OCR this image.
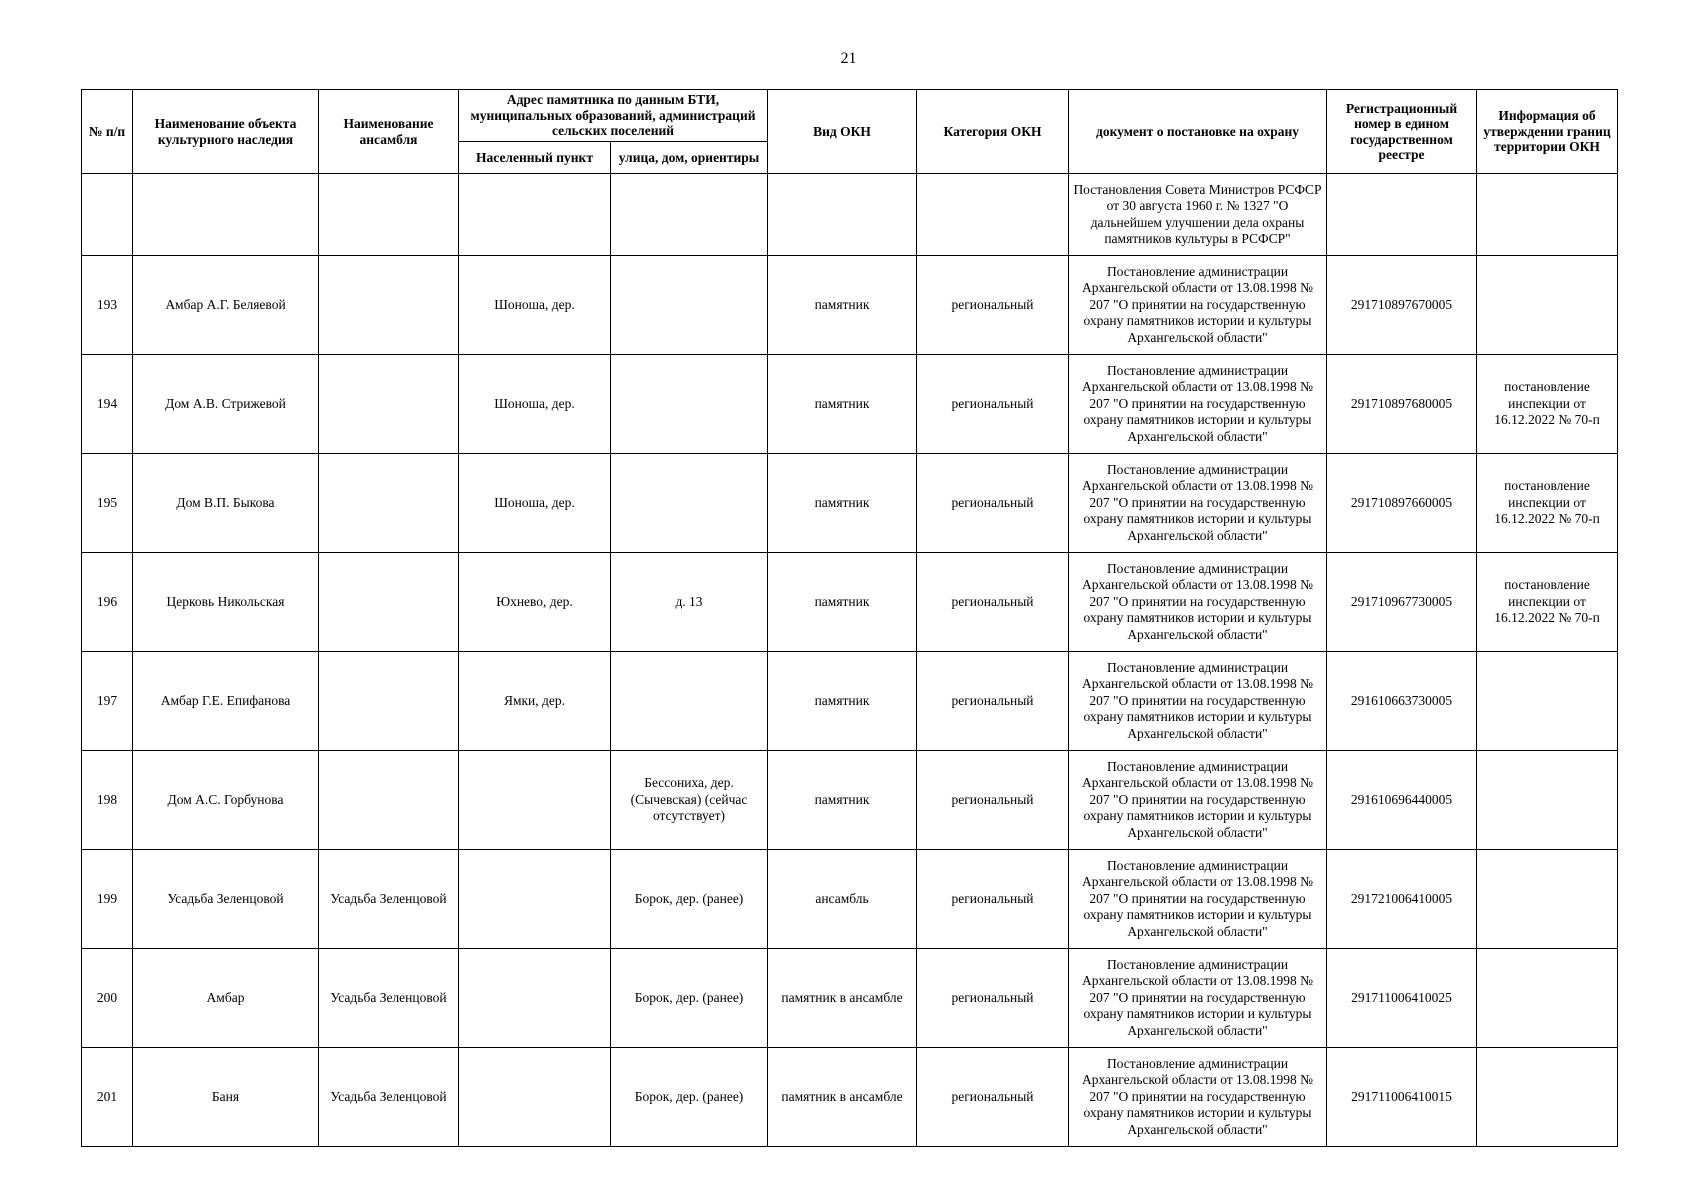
21
№ п/п	Наименование объекта культурного наследия	Наименование ансамбля	Адрес памятника по данным БТИ, муниципальных образований, администраций сельских поселений		Вид ОКН	Категория ОКН	документ о постановке на охрану	Регистрационный номер в едином государственном реестре	Информация об утверждении границ территории ОКН
			Населенный пункт	улица, дом, ориентиры					
							Постановления Совета Министров РСФСР от 30 августа 1960 г. № 1327 "О дальнейшем улучшении дела охраны памятников культуры в РСФСР"		
193	Амбар А.Г. Беляевой		Шоноша, дер.		памятник	региональный	Постановление администрации Архангельской области от 13.08.1998 № 207 "О принятии на государственную охрану памятников истории и культуры Архангельской области"	291710897670005	
194	Дом А.В. Стрижевой		Шоноша, дер.		памятник	региональный	Постановление администрации Архангельской области от 13.08.1998 № 207 "О принятии на государственную охрану памятников истории и культуры Архангельской области"	291710897680005	постановление инспекции от 16.12.2022 № 70-п
195	Дом В.П. Быкова		Шоноша, дер.		памятник	региональный	Постановление администрации Архангельской области от 13.08.1998 № 207 "О принятии на государственную охрану памятников истории и культуры Архангельской области"	291710897660005	постановление инспекции от 16.12.2022 № 70-п
196	Церковь Никольская		Юхнево, дер.	д. 13	памятник	региональный	Постановление администрации Архангельской области от 13.08.1998 № 207 "О принятии на государственную охрану памятников истории и культуры Архангельской области"	291710967730005	постановление инспекции от 16.12.2022 № 70-п
197	Амбар Г.Е. Епифанова		Ямки, дер.		памятник	региональный	Постановление администрации Архангельской области от 13.08.1998 № 207 "О принятии на государственную охрану памятников истории и культуры Архангельской области"	291610663730005	
198	Дом А.С. Горбунова			Бессониха, дер. (Сычевская) (сейчас отсутствует)	памятник	региональный	Постановление администрации Архангельской области от 13.08.1998 № 207 "О принятии на государственную охрану памятников истории и культуры Архангельской области"	291610696440005	
199	Усадьба Зеленцовой	Усадьба Зеленцовой		Борок, дер. (ранее)	ансамбль	региональный	Постановление администрации Архангельской области от 13.08.1998 № 207 "О принятии на государственную охрану памятников истории и культуры Архангельской области"	291721006410005	
200	Амбар	Усадьба Зеленцовой		Борок, дер. (ранее)	памятник в ансамбле	региональный	Постановление администрации Архангельской области от 13.08.1998 № 207 "О принятии на государственную охрану памятников истории и культуры Архангельской области"	291711006410025	
201	Баня	Усадьба Зеленцовой		Борок, дер. (ранее)	памятник в ансамбле	региональный	Постановление администрации Архангельской области от 13.08.1998 № 207 "О принятии на государственную охрану памятников истории и культуры Архангельской области"	291711006410015	
